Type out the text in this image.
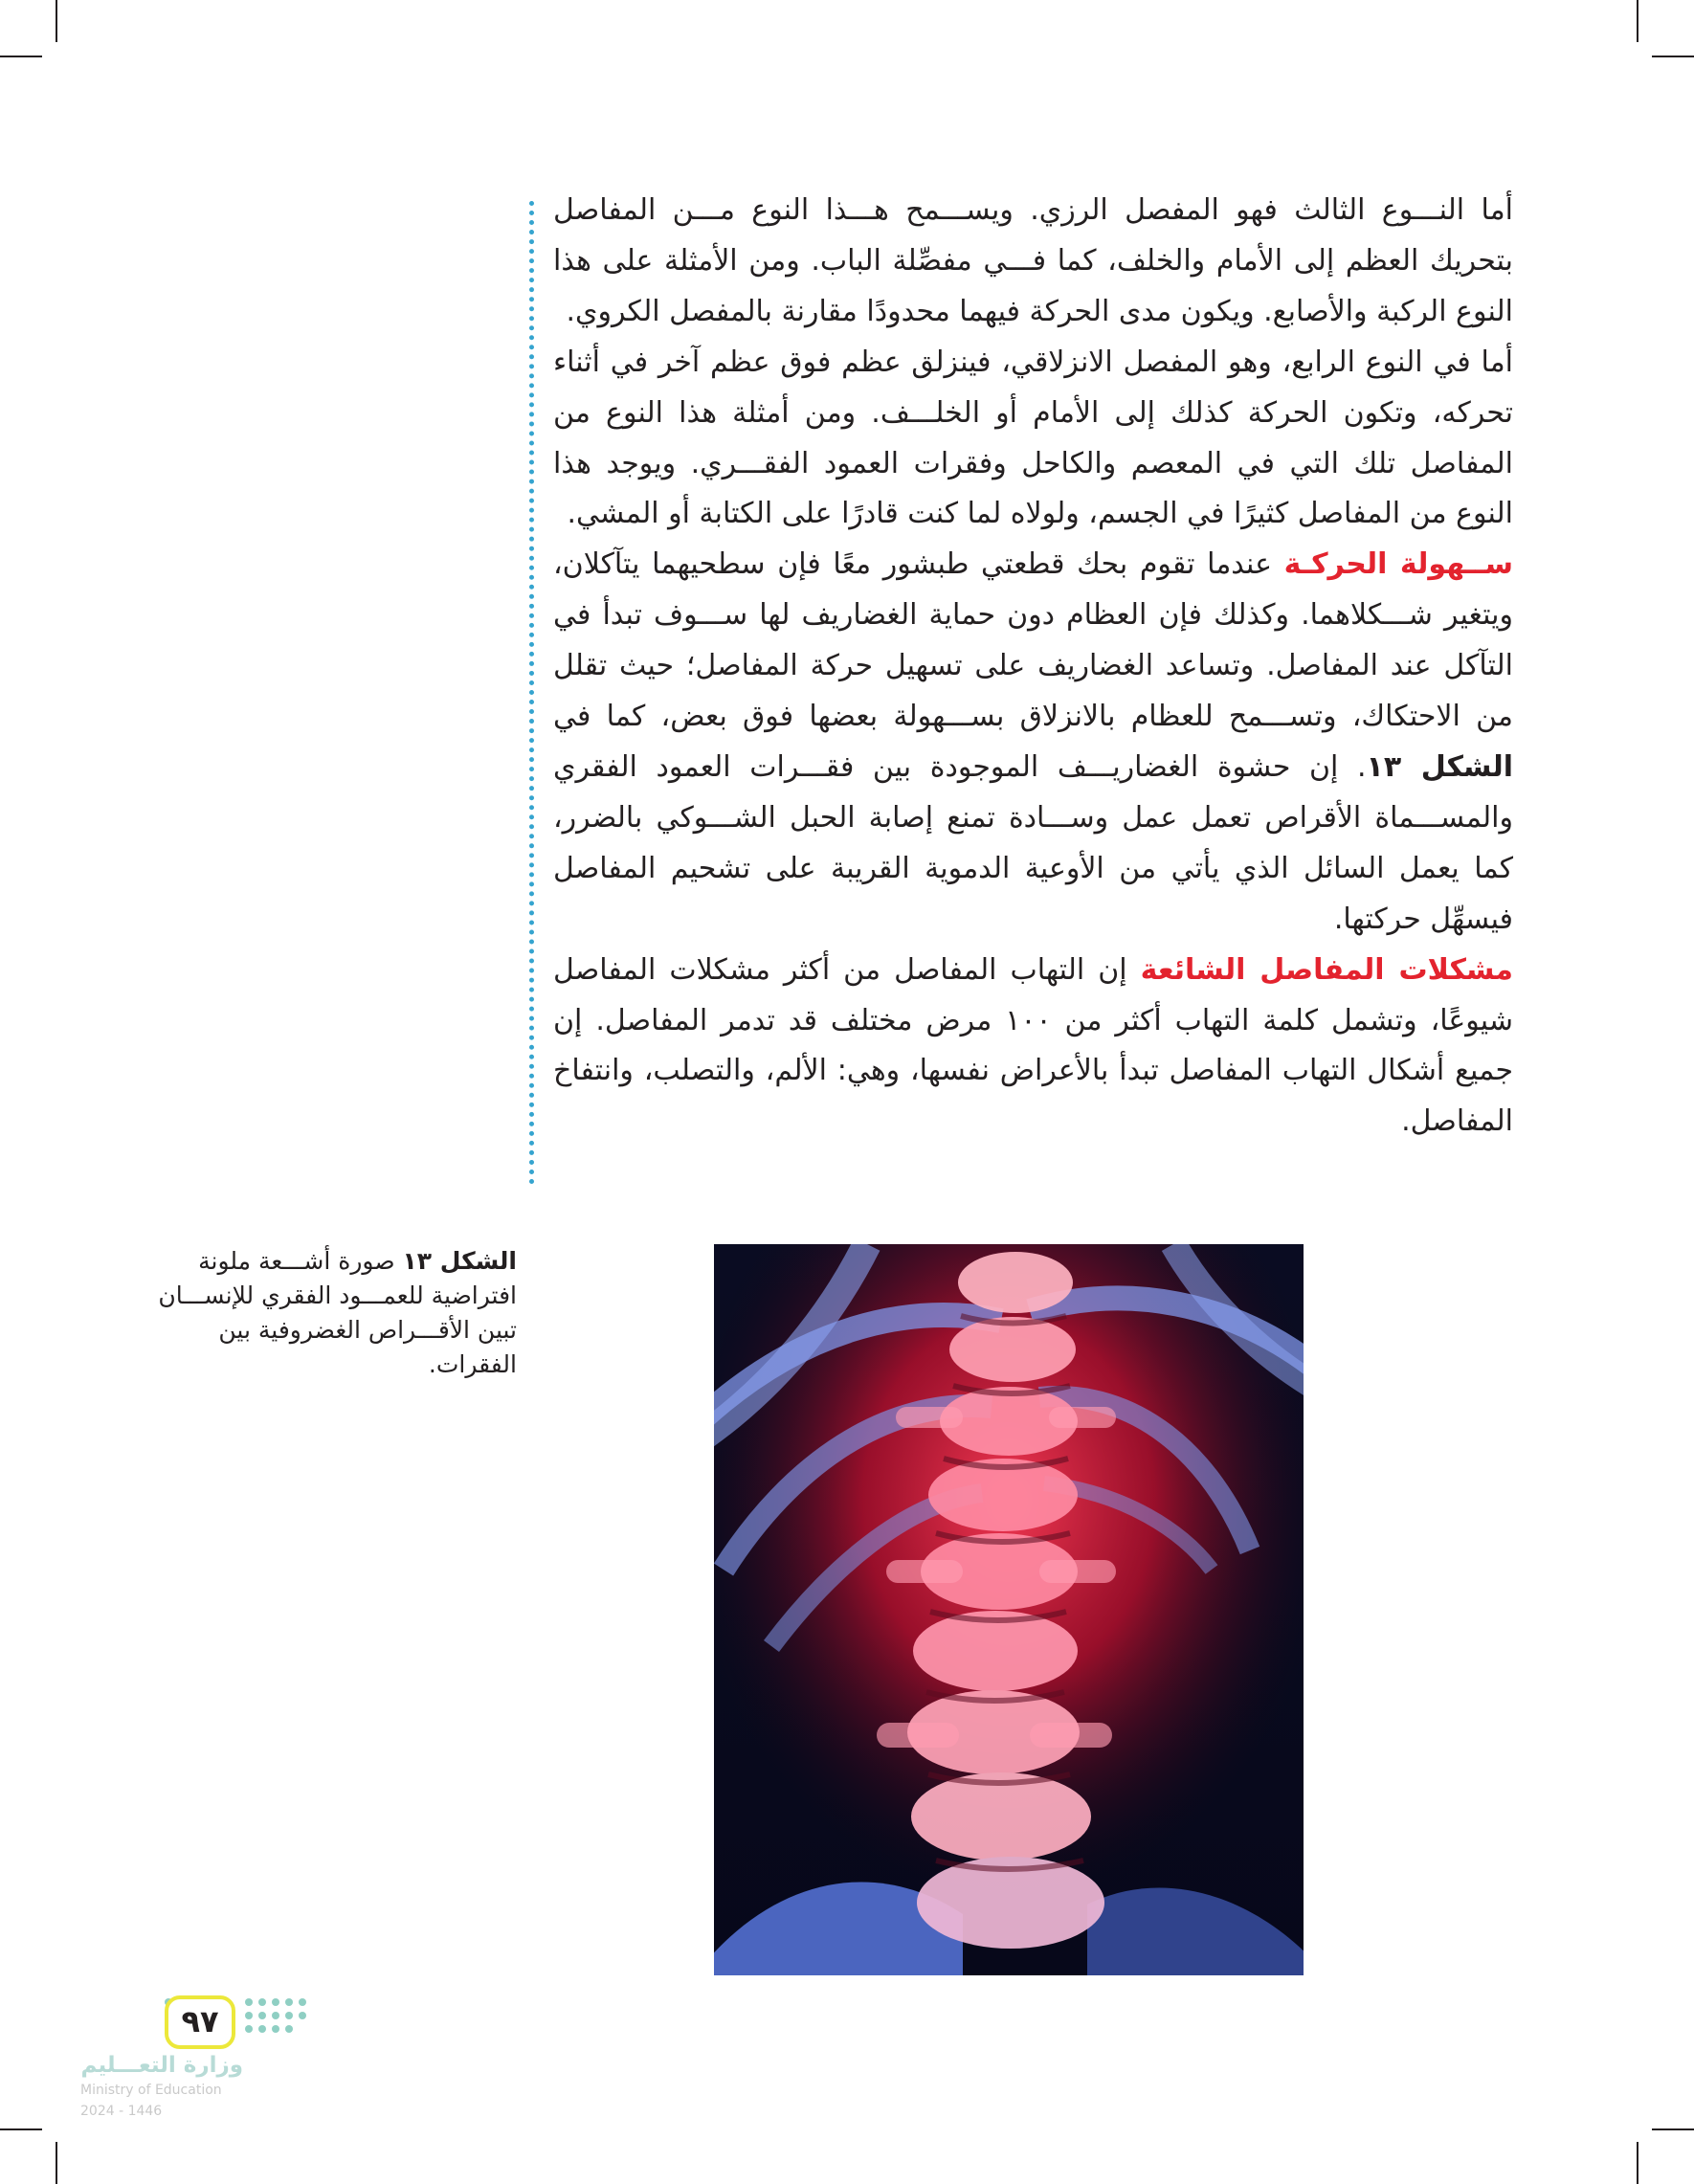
أما النـــوع الثالث فهو المفصل الرزي. ويســـمح هـــذا النوع مـــن المفاصل بتحريك العظم إلى الأمام والخلف، كما فـــي مفصِّلة الباب. ومن الأمثلة على هذا النوع الركبة والأصابع. ويكون مدى الحركة فيهما محدودًا مقارنة بالمفصل الكروي.

أما في النوع الرابع، وهو المفصل الانزلاقي، فينزلق عظم فوق عظم آخر في أثناء تحركه، وتكون الحركة كذلك إلى الأمام أو الخلـــف. ومن أمثلة هذا النوع من المفاصل تلك التي في المعصم والكاحل وفقرات العمود الفقـــري. ويوجد هذا النوع من المفاصل كثيرًا في الجسم، ولولاه لما كنت قادرًا على الكتابة أو المشي.

ســهولة الحركـة عندما تقوم بحك قطعتي طبشور معًا فإن سطحيهما يتآكلان، ويتغير شـــكلاهما. وكذلك فإن العظام دون حماية الغضاريف لها ســـوف تبدأ في التآكل عند المفاصل. وتساعد الغضاريف على تسهيل حركة المفاصل؛ حيث تقلل من الاحتكاك، وتســـمح للعظام بالانزلاق بســـهولة بعضها فوق بعض، كما في الشكل ١٣. إن حشوة الغضاريـــف الموجودة بين فقـــرات العمود الفقري والمســـماة الأقراص تعمل عمل وســـادة تمنع إصابة الحبل الشـــوكي بالضرر، كما يعمل السائل الذي يأتي من الأوعية الدموية القريبة على تشحيم المفاصل فيسهِّل حركتها.

مشكلات المفاصل الشائعة إن التهاب المفاصل من أكثر مشكلات المفاصل شيوعًا، وتشمل كلمة التهاب أكثر من ١٠٠ مرض مختلف قد تدمر المفاصل. إن جميع أشكال التهاب المفاصل تبدأ بالأعراض نفسها، وهي: الألم، والتصلب، وانتفاخ المفاصل.

الشكل ١٣ صورة أشـــعة ملونة افتراضية للعمـــود الفقري للإنســـان تبين الأقـــراص الغضروفية بين الفقرات.
٩٧
وزارة التعـــليم
Ministry of Education
2024 - 1446
